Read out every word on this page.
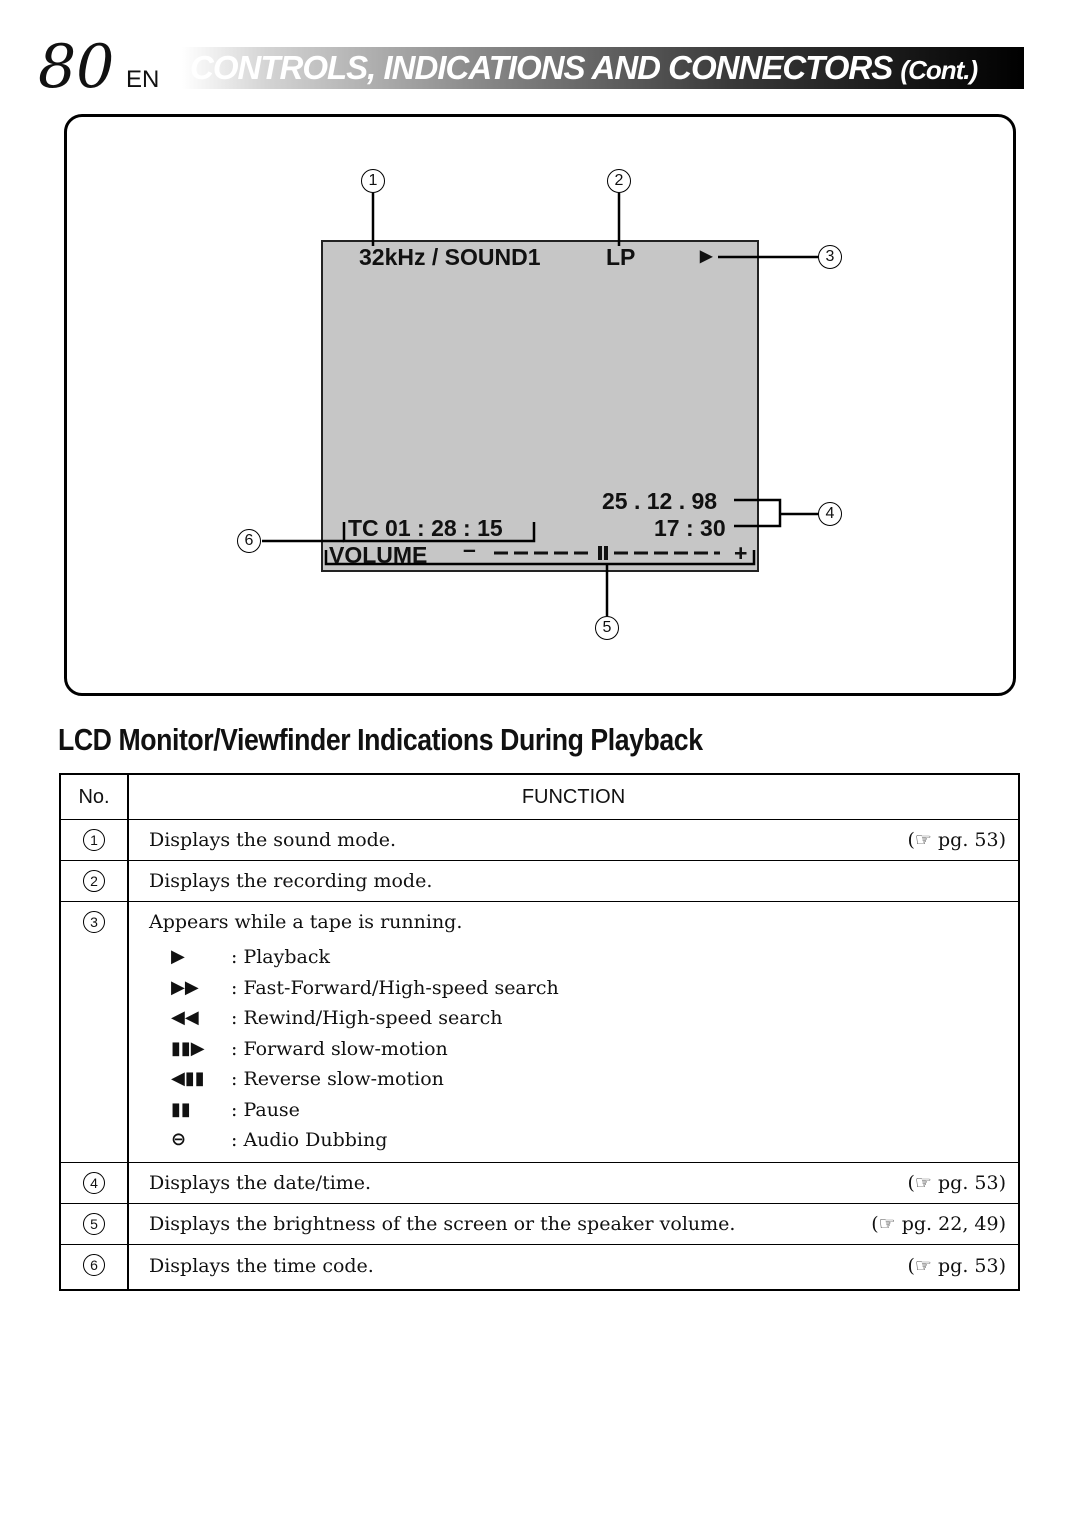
80 EN CONTROLS, INDICATIONS AND CONNECTORS (Cont.)
32kHz / SOUND1	LP	▶
25 . 12 . 98
17 : 30
TC 01 : 28 : 15
VOLUME –	+
1	2
3
4
5
6
LCD Monitor/Viewfinder Indications During Playback
No.	FUNCTION
1	Displays the sound mode.	(☞ pg. 53)
2	Displays the recording mode.
3	Appears while a tape is running.
▶	: Playback
▶▶	: Fast-Forward/High-speed search
◀◀	: Rewind/High-speed search
▮▮▶	: Forward slow-motion
◀▮▮	: Reverse slow-motion
▮▮	: Pause
⊖	: Audio Dubbing
4	Displays the date/time.	(☞ pg. 53)
5	Displays the brightness of the screen or the speaker volume.	(☞ pg. 22, 49)
6	Displays the time code.	(☞ pg. 53)
